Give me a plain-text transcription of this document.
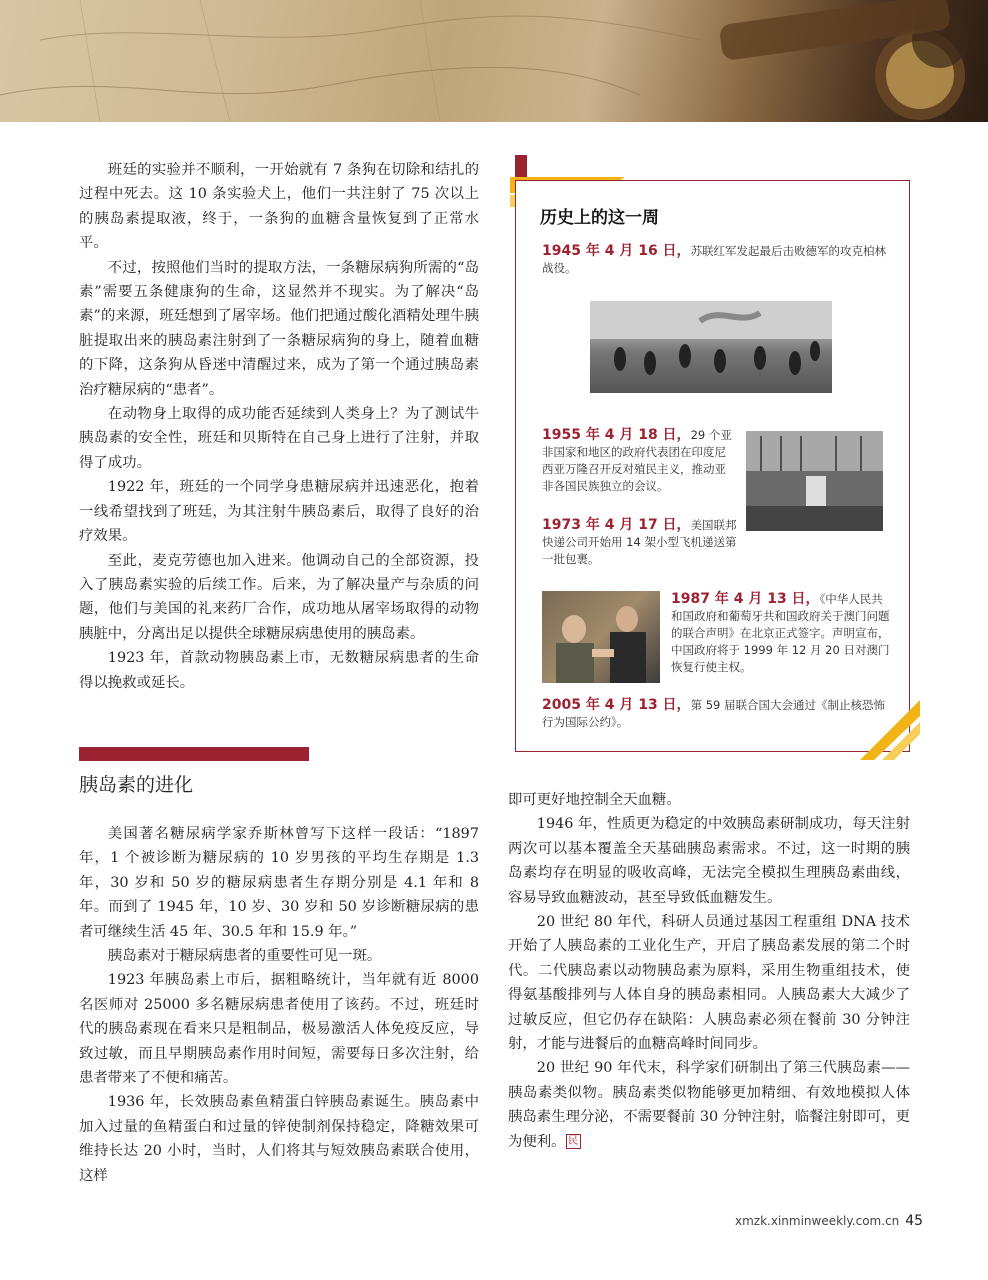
班廷的实验并不顺利，一开始就有 7 条狗在切除和结扎的过程中死去。这 10 条实验犬上，他们一共注射了 75 次以上的胰岛素提取液，终于，一条狗的血糖含量恢复到了正常水平。

不过，按照他们当时的提取方法，一条糖尿病狗所需的“岛素”需要五条健康狗的生命，这显然并不现实。为了解决“岛素”的来源，班廷想到了屠宰场。他们把通过酸化酒精处理牛胰脏提取出来的胰岛素注射到了一条糖尿病狗的身上，随着血糖的下降，这条狗从昏迷中清醒过来，成为了第一个通过胰岛素治疗糖尿病的“患者”。

在动物身上取得的成功能否延续到人类身上？为了测试牛胰岛素的安全性，班廷和贝斯特在自己身上进行了注射，并取得了成功。

1922 年，班廷的一个同学身患糖尿病并迅速恶化，抱着一线希望找到了班廷，为其注射牛胰岛素后，取得了良好的治疗效果。

至此，麦克劳德也加入进来。他调动自己的全部资源，投入了胰岛素实验的后续工作。后来，为了解决量产与杂质的问题，他们与美国的礼来药厂合作，成功地从屠宰场取得的动物胰脏中，分离出足以提供全球糖尿病患使用的胰岛素。

1923 年，首款动物胰岛素上市，无数糖尿病患者的生命得以挽救或延长。

胰岛素的进化

美国著名糖尿病学家乔斯林曾写下这样一段话：“1897 年，1 个被诊断为糖尿病的 10 岁男孩的平均生存期是 1.3 年，30 岁和 50 岁的糖尿病患者生存期分别是 4.1 年和 8 年。而到了 1945 年，10 岁、30 岁和 50 岁诊断糖尿病的患者可继续生活 45 年、30.5 年和 15.9 年。”

胰岛素对于糖尿病患者的重要性可见一斑。

1923 年胰岛素上市后，据粗略统计，当年就有近 8000 名医师对 25000 多名糖尿病患者使用了该药。不过，班廷时代的胰岛素现在看来只是粗制品，极易激活人体免疫反应，导致过敏，而且早期胰岛素作用时间短，需要每日多次注射，给患者带来了不便和痛苦。

1936 年，长效胰岛素鱼精蛋白锌胰岛素诞生。胰岛素中加入过量的鱼精蛋白和过量的锌使制剂保持稳定，降糖效果可维持长达 20 小时，当时，人们将其与短效胰岛素联合使用，这样

即可更好地控制全天血糖。

1946 年，性质更为稳定的中效胰岛素研制成功，每天注射两次可以基本覆盖全天基础胰岛素需求。不过，这一时期的胰岛素均存在明显的吸收高峰，无法完全模拟生理胰岛素曲线，容易导致血糖波动，甚至导致低血糖发生。

20 世纪 80 年代，科研人员通过基因工程重组 DNA 技术开始了人胰岛素的工业化生产，开启了胰岛素发展的第二个时代。二代胰岛素以动物胰岛素为原料，采用生物重组技术，使得氨基酸排列与人体自身的胰岛素相同。人胰岛素大大减少了过敏反应，但它仍存在缺陷：人胰岛素必须在餐前 30 分钟注射，才能与进餐后的血糖高峰时间同步。

20 世纪 90 年代末，科学家们研制出了第三代胰岛素——胰岛素类似物。胰岛素类似物能够更加精细、有效地模拟人体胰岛素生理分泌，不需要餐前 30 分钟注射，临餐注射即可，更为便利。 民

历史上的这一周
1945 年 4 月 16 日，苏联红军发起最后击败德军的攻克柏林战役。
1955 年 4 月 18 日，29 个亚非国家和地区的政府代表团在印度尼西亚万隆召开反对殖民主义，推动亚非各国民族独立的会议。
1973 年 4 月 17 日，美国联邦快递公司开始用 14 架小型飞机递送第一批包裹。
1987 年 4 月 13 日，《中华人民共和国政府和葡萄牙共和国政府关于澳门问题的联合声明》在北京正式签字。声明宣布，中国政府将于 1999 年 12 月 20 日对澳门恢复行使主权。
2005 年 4 月 13 日，第 59 届联合国大会通过《制止核恐怖行为国际公约》。
xmzk.xinminweekly.com.cn 45
